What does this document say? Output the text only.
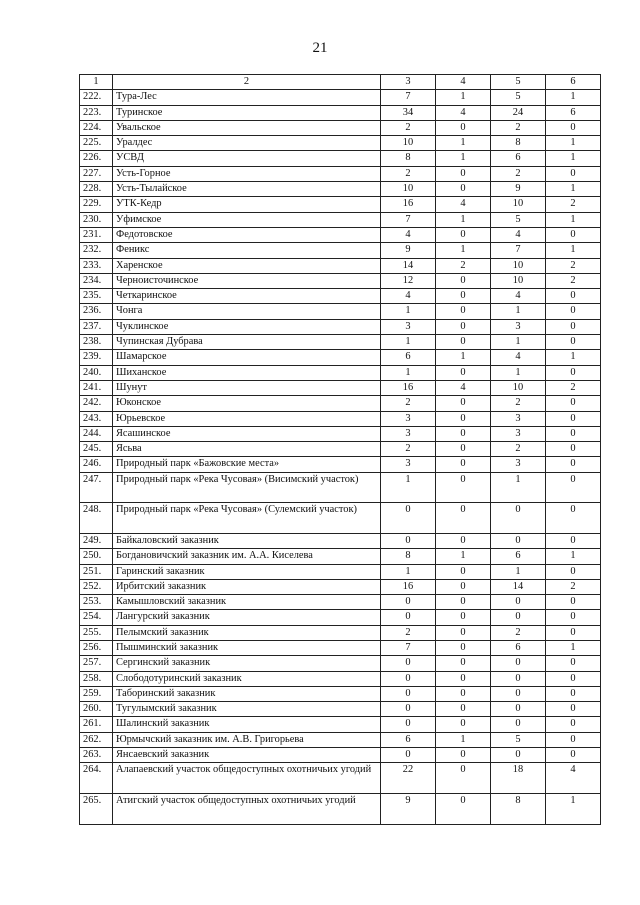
21
1	2	3	4	5	6
222.	Тура-Лес	7	1	5	1
223.	Туринское	34	4	24	6
224.	Увальское	2	0	2	0
225.	Уралдес	10	1	8	1
226.	УСВД	8	1	6	1
227.	Усть-Горное	2	0	2	0
228.	Усть-Тылайское	10	0	9	1
229.	УТК-Кедр	16	4	10	2
230.	Уфимское	7	1	5	1
231.	Федотовское	4	0	4	0
232.	Феникс	9	1	7	1
233.	Харенское	14	2	10	2
234.	Черноисточинское	12	0	10	2
235.	Четкаринское	4	0	4	0
236.	Чонга	1	0	1	0
237.	Чуклинское	3	0	3	0
238.	Чупинская Дубрава	1	0	1	0
239.	Шамарское	6	1	4	1
240.	Шиханское	1	0	1	0
241.	Шунут	16	4	10	2
242.	Юконское	2	0	2	0
243.	Юрьевское	3	0	3	0
244.	Ясашинское	3	0	3	0
245.	Ясьва	2	0	2	0
246.	Природный парк «Бажовские места»	3	0	3	0
247.	Природный парк «Река Чусовая» (Висимский участок)	1	0	1	0
248.	Природный парк «Река Чусовая» (Сулемский участок)	0	0	0	0
249.	Байкаловский заказник	0	0	0	0
250.	Богдановичский заказник им. А.А. Киселева	8	1	6	1
251.	Гаринский заказник	1	0	1	0
252.	Ирбитский заказник	16	0	14	2
253.	Камышловский заказник	0	0	0	0
254.	Лангурский заказник	0	0	0	0
255.	Пелымский заказник	2	0	2	0
256.	Пышминский заказник	7	0	6	1
257.	Сергинский заказник	0	0	0	0
258.	Слободотуринский заказник	0	0	0	0
259.	Таборинский заказник	0	0	0	0
260.	Тугулымский заказник	0	0	0	0
261.	Шалинский заказник	0	0	0	0
262.	Юрмычский заказник им. А.В. Григорьева	6	1	5	0
263.	Янсаевский заказник	0	0	0	0
264.	Алапаевский участок общедоступных охотничьих угодий	22	0	18	4
265.	Атигский участок общедоступных охотничьих угодий	9	0	8	1
